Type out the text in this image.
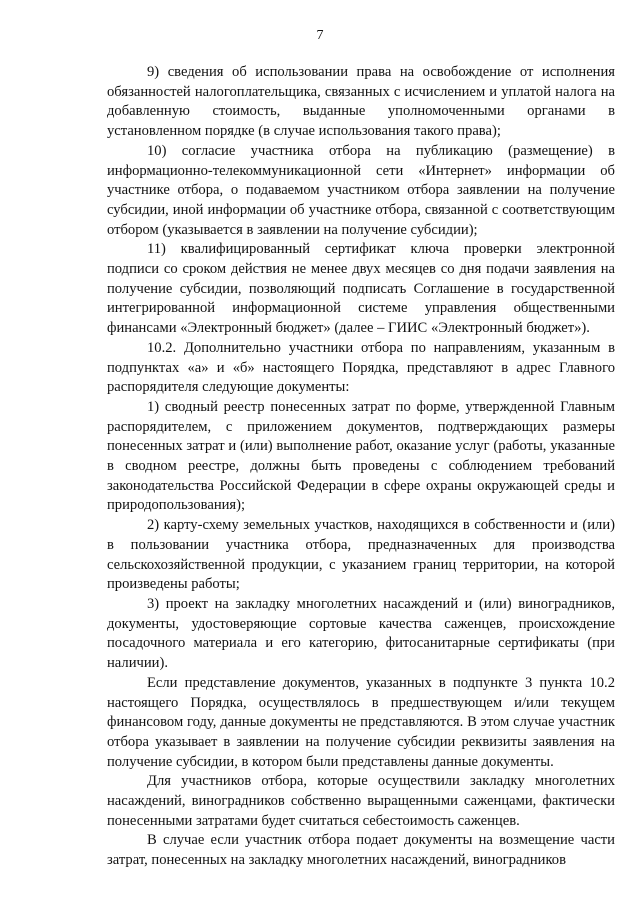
7

9) сведения об использовании права на освобождение от исполнения обязанностей налогоплательщика, связанных с исчислением и уплатой налога на добавленную стоимость, выданные уполномоченными органами в установленном порядке (в случае использования такого права);

10) согласие участника отбора на публикацию (размещение) в информационно-телекоммуникационной сети «Интернет» информации об участнике отбора, о подаваемом участником отбора заявлении на получение субсидии, иной информации об участнике отбора, связанной с соответствующим отбором (указывается в заявлении на получение субсидии);

11) квалифицированный сертификат ключа проверки электронной подписи со сроком действия не менее двух месяцев со дня подачи заявления на получение субсидии, позволяющий подписать Соглашение в государственной интегрированной информационной системе управления общественными финансами «Электронный бюджет» (далее – ГИИС «Электронный бюджет»).

10.2. Дополнительно участники отбора по направлениям, указанным в подпунктах «а» и «б» настоящего Порядка, представляют в адрес Главного распорядителя следующие документы:

1) сводный реестр понесенных затрат по форме, утвержденной Главным распорядителем, с приложением документов, подтверждающих размеры понесенных затрат и (или) выполнение работ, оказание услуг (работы, указанные в сводном реестре, должны быть проведены с соблюдением требований законодательства Российской Федерации в сфере охраны окружающей среды и природопользования);

2) карту-схему земельных участков, находящихся в собственности и (или) в пользовании участника отбора, предназначенных для производства сельскохозяйственной продукции, с указанием границ территории, на которой произведены работы;

3) проект на закладку многолетних насаждений и (или) виноградников, документы, удостоверяющие сортовые качества саженцев, происхождение посадочного материала и его категорию, фитосанитарные сертификаты (при наличии).

Если представление документов, указанных в подпункте 3 пункта 10.2 настоящего Порядка, осуществлялось в предшествующем и/или текущем финансовом году, данные документы не представляются. В этом случае участник отбора указывает в заявлении на получение субсидии реквизиты заявления на получение субсидии, в котором были представлены данные документы.

Для участников отбора, которые осуществили закладку многолетних насаждений, виноградников собственно выращенными саженцами, фактически понесенными затратами будет считаться себестоимость саженцев.

В случае если участник отбора подает документы на возмещение части затрат, понесенных на закладку многолетних насаждений, виноградников
